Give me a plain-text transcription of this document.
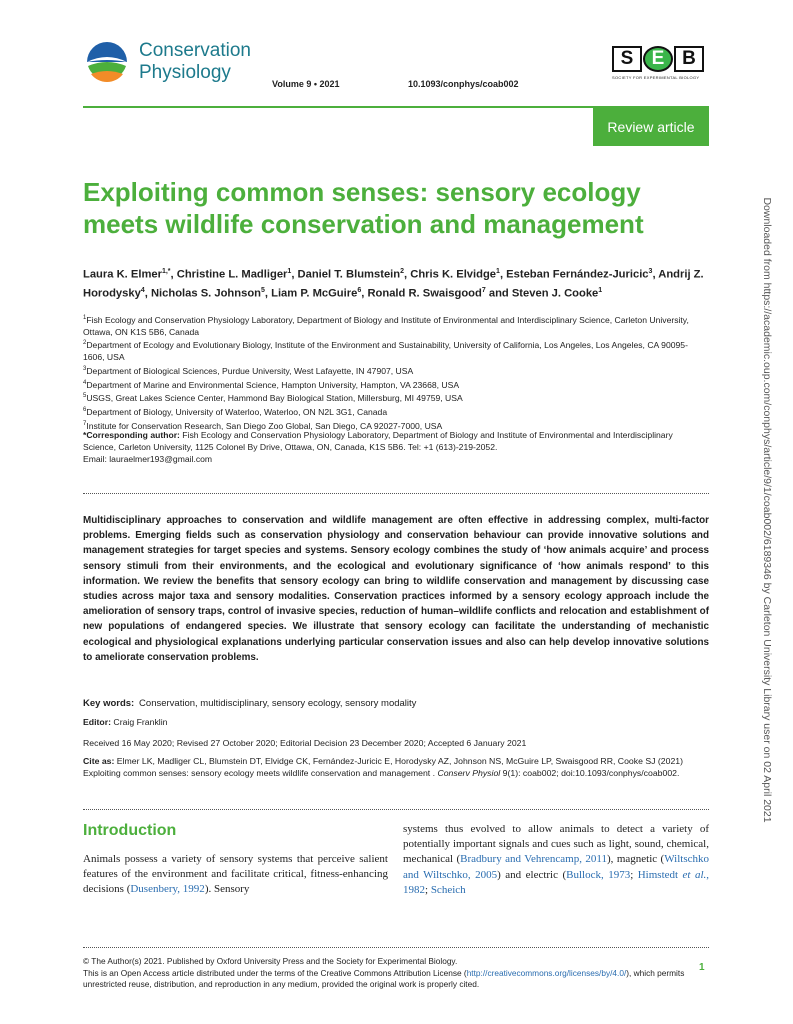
Conservation
Physiology
Volume 9 • 2021	10.1093/conphys/coab002
S E B
SOCIETY FOR EXPERIMENTAL BIOLOGY
Review article
Exploiting common senses: sensory ecology meets wildlife conservation and management
Laura K. Elmer$^{1,*}$, Christine L. Madliger$^1$, Daniel T. Blumstein$^2$, Chris K. Elvidge$^1$, Esteban Fernández-Juricic$^3$, Andrij Z. Horodysky$^4$, Nicholas S. Johnson$^5$, Liam P. McGuire$^6$, Ronald R. Swaisgood$^7$ and Steven J. Cooke$^1$
$^1$Fish Ecology and Conservation Physiology Laboratory, Department of Biology and Institute of Environmental and Interdisciplinary Science, Carleton University, Ottawa, ON K1S 5B6, Canada
$^2$Department of Ecology and Evolutionary Biology, Institute of the Environment and Sustainability, University of California, Los Angeles, Los Angeles, CA 90095-1606, USA
$^3$Department of Biological Sciences, Purdue University, West Lafayette, IN 47907, USA
$^4$Department of Marine and Environmental Science, Hampton University, Hampton, VA 23668, USA
$^5$USGS, Great Lakes Science Center, Hammond Bay Biological Station, Millersburg, MI 49759, USA
$^6$Department of Biology, University of Waterloo, Waterloo, ON N2L 3G1, Canada
$^7$Institute for Conservation Research, San Diego Zoo Global, San Diego, CA 92027-7000, USA
*Corresponding author: Fish Ecology and Conservation Physiology Laboratory, Department of Biology and Institute of Environmental and Interdisciplinary Science, Carleton University, 1125 Colonel By Drive, Ottawa, ON, Canada, K1S 5B6. Tel: +1 (613)-219-2052.
Email: lauraelmer193@gmail.com
Multidisciplinary approaches to conservation and wildlife management are often effective in addressing complex, multi-factor problems. Emerging fields such as conservation physiology and conservation behaviour can provide innovative solutions and management strategies for target species and systems. Sensory ecology combines the study of ‘how animals acquire’ and process sensory stimuli from their environments, and the ecological and evolutionary significance of ‘how animals respond’ to this information. We review the benefits that sensory ecology can bring to wildlife conservation and management by discussing case studies across major taxa and sensory modalities. Conservation practices informed by a sensory ecology approach include the amelioration of sensory traps, control of invasive species, reduction of human–wildlife conflicts and relocation and establishment of new populations of endangered species. We illustrate that sensory ecology can facilitate the understanding of mechanistic ecological and physiological explanations underlying particular conservation issues and also can help develop innovative solutions to ameliorate conservation problems.
Key words: Conservation, multidisciplinary, sensory ecology, sensory modality
Editor: Craig Franklin
Received 16 May 2020; Revised 27 October 2020; Editorial Decision 23 December 2020; Accepted 6 January 2021
Cite as: Elmer LK, Madliger CL, Blumstein DT, Elvidge CK, Fernández-Juricic E, Horodysky AZ, Johnson NS, McGuire LP, Swaisgood RR, Cooke SJ (2021) Exploiting common senses: sensory ecology meets wildlife conservation and management . Conserv Physiol 9(1): coab002; doi:10.1093/conphys/coab002.
Introduction
Animals possess a variety of sensory systems that perceive salient features of the environment and facilitate critical, fitness-enhancing decisions (Dusenbery, 1992). Sensory
systems thus evolved to allow animals to detect a variety of potentially important signals and cues such as light, sound, chemical, mechanical (Bradbury and Vehrencamp, 2011), magnetic (Wiltschko and Wiltschko, 2005) and electric (Bullock, 1973; Himstedt et al., 1982; Scheich
© The Author(s) 2021. Published by Oxford University Press and the Society for Experimental Biology.
This is an Open Access article distributed under the terms of the Creative Commons Attribution License (http://creativecommons.org/licenses/by/4.0/), which permits unrestricted reuse, distribution, and reproduction in any medium, provided the original work is properly cited.
1
Downloaded from https://academic.oup.com/conphys/article/9/1/coab002/6189346 by Carleton University Library user on 02 April 2021
